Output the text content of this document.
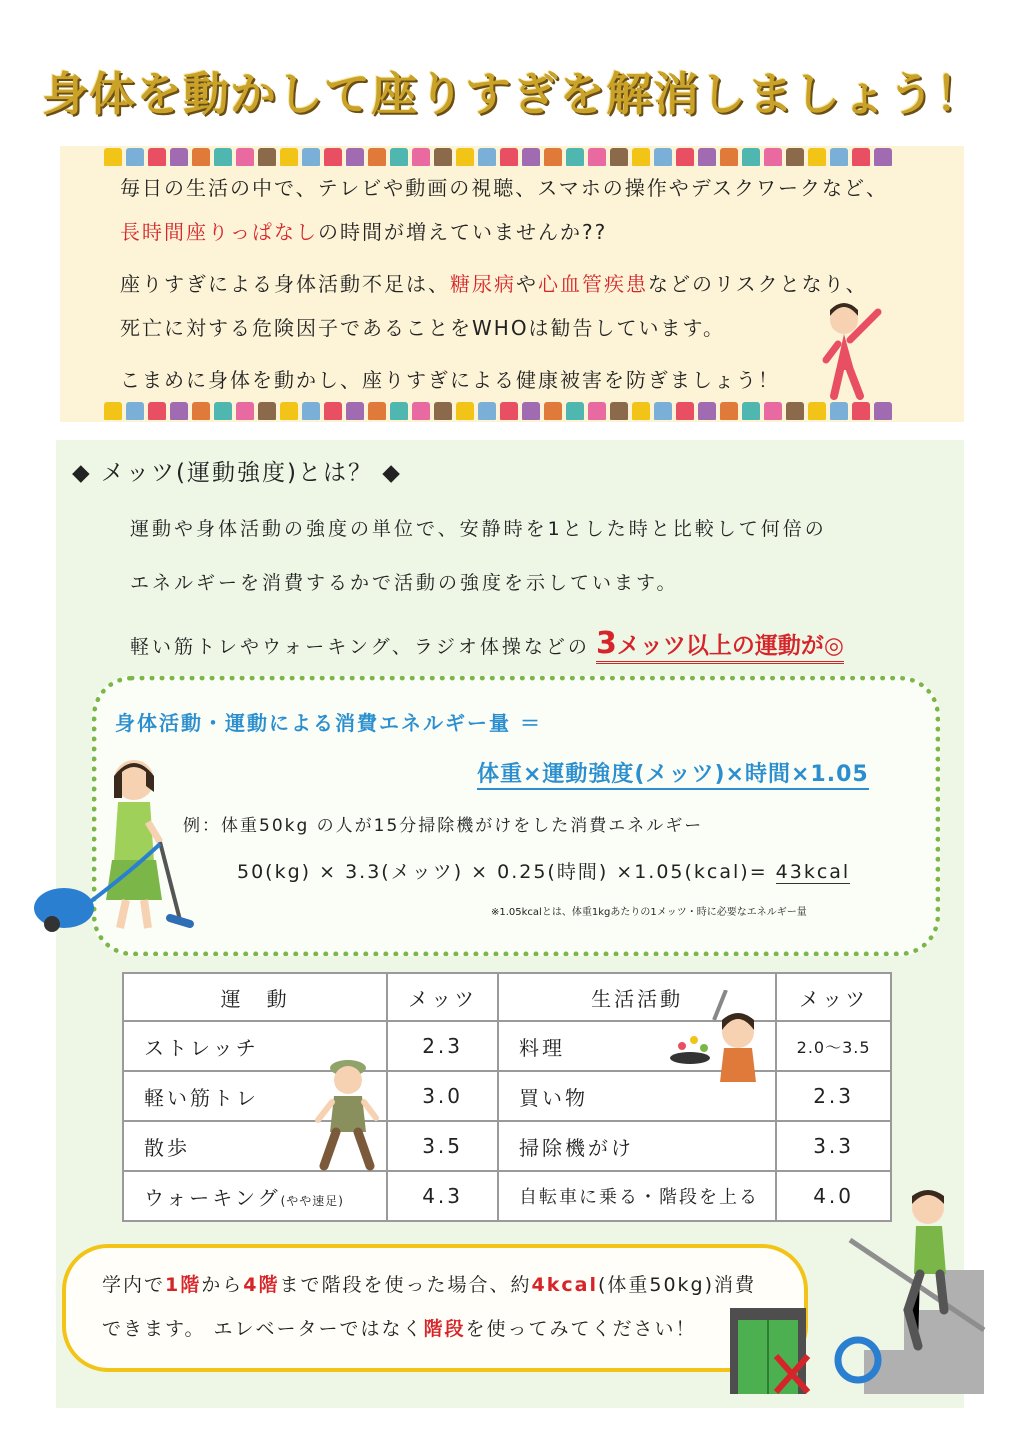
身体を動かして座りすぎを解消しましょう！
毎日の生活の中で、テレビや動画の視聴、スマホの操作やデスクワークなど、
長時間座りっぱなしの時間が増えていませんか??
座りすぎによる身体活動不足は、糖尿病や心血管疾患などのリスクとなり、
死亡に対する危険因子であることをWHOは勧告しています。
こまめに身体を動かし、座りすぎによる健康被害を防ぎましょう！
◆ メッツ(運動強度)とは？ ◆
運動や身体活動の強度の単位で、安静時を1とした時と比較して何倍の
エネルギーを消費するかで活動の強度を示しています。
軽い筋トレやウォーキング、ラジオ体操などの 3メッツ以上の運動が◎
身体活動・運動による消費エネルギー量 ＝
体重×運動強度(メッツ)×時間×1.05
例：体重50kg の人が15分掃除機がけをした消費エネルギー
50(kg) × 3.3(メッツ) × 0.25(時間) ×1.05(kcal)= 43kcal
※1.05kcalとは、体重1kgあたりの1メッツ・時に必要なエネルギー量
運　動	メッツ	生活活動	メッツ
ストレッチ	2.3	料理	2.0～3.5
軽い筋トレ	3.0	買い物	2.3
散歩	3.5	掃除機がけ	3.3
ウォーキング(やや速足)	4.3	自転車に乗る・階段を上る	4.0
学内で1階から4階まで階段を使った場合、約4kcal(体重50kg)消費
できます。 エレベーターではなく階段を使ってみてください！
